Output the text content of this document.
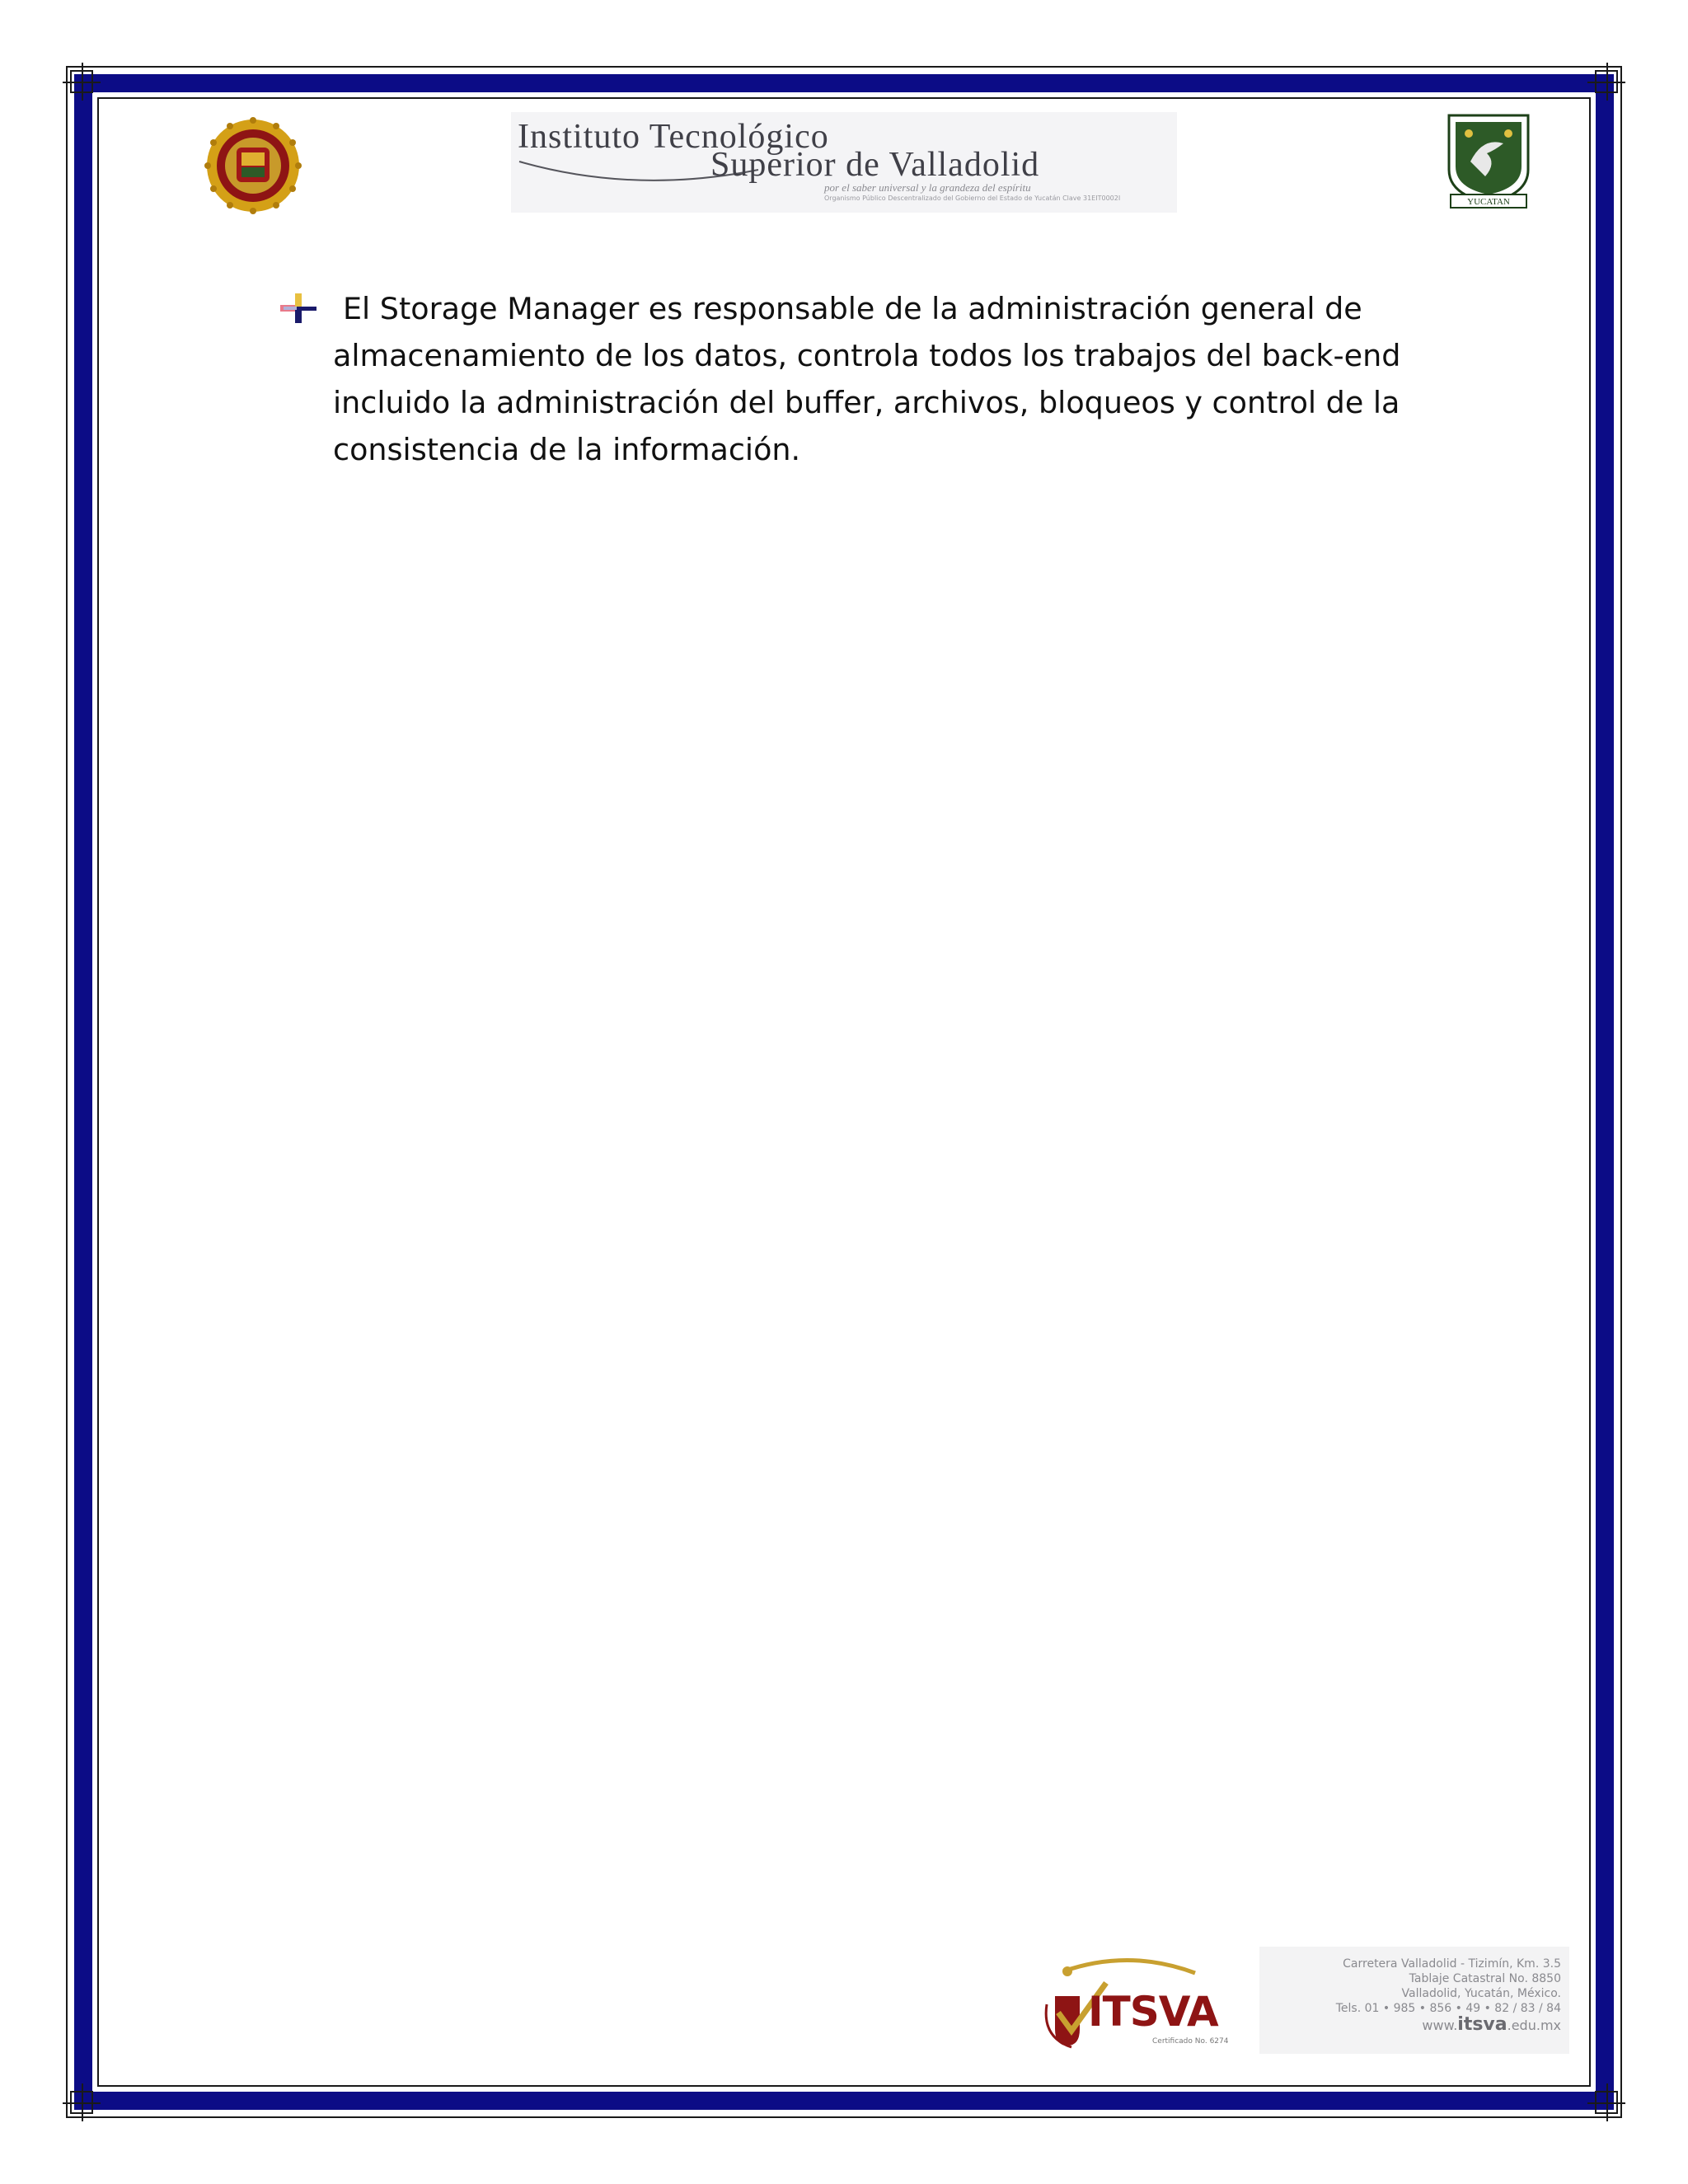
Instituto Tecnológico
Superior de Valladolid
por el saber universal y la grandeza del espíritu
Organismo Público Descentralizado del Gobierno del Estado de Yucatán Clave 31EIT0002I	YUCATAN

El Storage Manager es responsable de la administración general de almacenamiento de los datos, controla todos los trabajos del back-end incluido la administración del buffer, archivos, bloqueos y control de la consistencia de la información.

ITSVA
Certificado No. 6274
Carretera Valladolid - Tizimín, Km. 3.5
Tablaje Catastral No. 8850
Valladolid, Yucatán, México.
Tels. 01 • 985 • 856 • 49 • 82 / 83 / 84
www.itsva.edu.mx
